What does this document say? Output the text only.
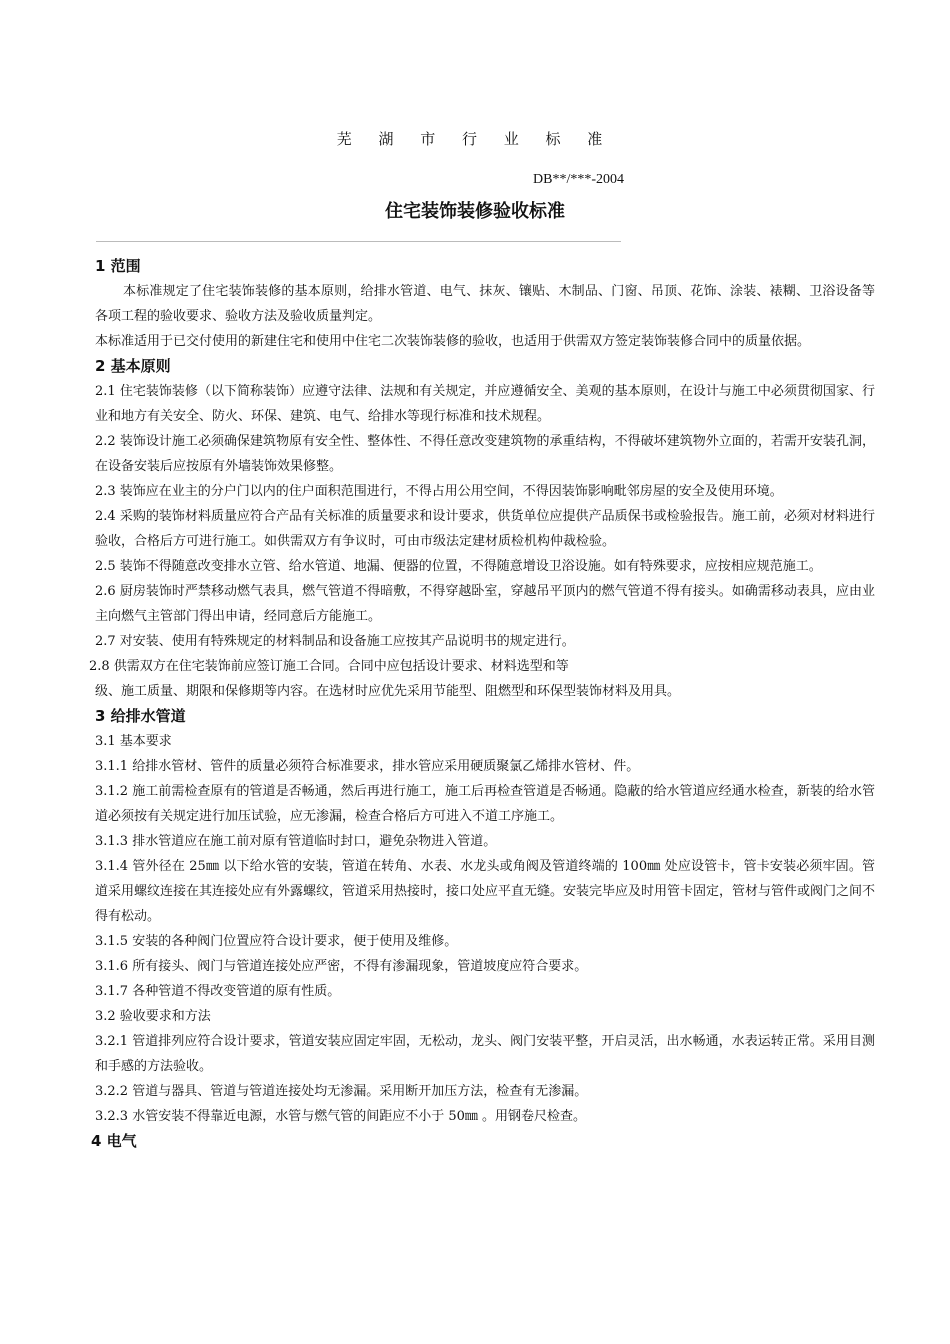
芜 湖 市 行 业 标 准
DB**/***-2004
住宅装饰装修验收标准
1 范围
本标准规定了住宅装饰装修的基本原则，给排水管道、电气、抹灰、镶贴、木制品、门窗、吊顶、花饰、涂装、裱糊、卫浴设备等各项工程的验收要求、验收方法及验收质量判定。
本标准适用于已交付使用的新建住宅和使用中住宅二次装饰装修的验收，也适用于供需双方签定装饰装修合同中的质量依据。
2 基本原则
2.1 住宅装饰装修（以下简称装饰）应遵守法律、法规和有关规定，并应遵循安全、美观的基本原则，在设计与施工中必须贯彻国家、行业和地方有关安全、防火、环保、建筑、电气、给排水等现行标准和技术规程。
2.2 装饰设计施工必须确保建筑物原有安全性、整体性、不得任意改变建筑物的承重结构，不得破坏建筑物外立面的，若需开安装孔洞，在设备安装后应按原有外墙装饰效果修整。
2.3 装饰应在业主的分户门以内的住户面积范围进行，不得占用公用空间，不得因装饰影响毗邻房屋的安全及使用环境。
2.4 采购的装饰材料质量应符合产品有关标准的质量要求和设计要求，供货单位应提供产品质保书或检验报告。施工前，必须对材料进行验收，合格后方可进行施工。如供需双方有争议时，可由市级法定建材质检机构仲裁检验。
2.5 装饰不得随意改变排水立管、给水管道、地漏、便器的位置，不得随意增设卫浴设施。如有特殊要求，应按相应规范施工。
2.6 厨房装饰时严禁移动燃气表具，燃气管道不得暗敷，不得穿越卧室，穿越吊平顶内的燃气管道不得有接头。如确需移动表具，应由业主向燃气主管部门得出申请，经同意后方能施工。
2.7 对安装、使用有特殊规定的材料制品和设备施工应按其产品说明书的规定进行。
2.8 供需双方在住宅装饰前应签订施工合同。合同中应包括设计要求、材料选型和等
级、施工质量、期限和保修期等内容。在选材时应优先采用节能型、阻燃型和环保型装饰材料及用具。
3 给排水管道
3.1 基本要求
3.1.1 给排水管材、管件的质量必须符合标准要求，排水管应采用硬质聚氯乙烯排水管材、件。
3.1.2 施工前需检查原有的管道是否畅通，然后再进行施工，施工后再检查管道是否畅通。隐蔽的给水管道应经通水检查，新装的给水管道必须按有关规定进行加压试验，应无渗漏，检查合格后方可进入不道工序施工。
3.1.3 排水管道应在施工前对原有管道临时封口，避免杂物进入管道。
3.1.4 管外径在 25㎜ 以下给水管的安装，管道在转角、水表、水龙头或角阀及管道终端的 100㎜ 处应设管卡，管卡安装必须牢固。管道采用螺纹连接在其连接处应有外露螺纹，管道采用热接时，接口处应平直无缝。安装完毕应及时用管卡固定，管材与管件或阀门之间不得有松动。
3.1.5 安装的各种阀门位置应符合设计要求，便于使用及维修。
3.1.6 所有接头、阀门与管道连接处应严密，不得有渗漏现象，管道坡度应符合要求。
3.1.7 各种管道不得改变管道的原有性质。
3.2 验收要求和方法
3.2.1 管道排列应符合设计要求，管道安装应固定牢固，无松动，龙头、阀门安装平整，开启灵活，出水畅通，水表运转正常。采用目测和手感的方法验收。
3.2.2 管道与器具、管道与管道连接处均无渗漏。采用断开加压方法，检查有无渗漏。
3.2.3 水管安装不得靠近电源，水管与燃气管的间距应不小于 50㎜ 。用钢卷尺检查。
4 电气
